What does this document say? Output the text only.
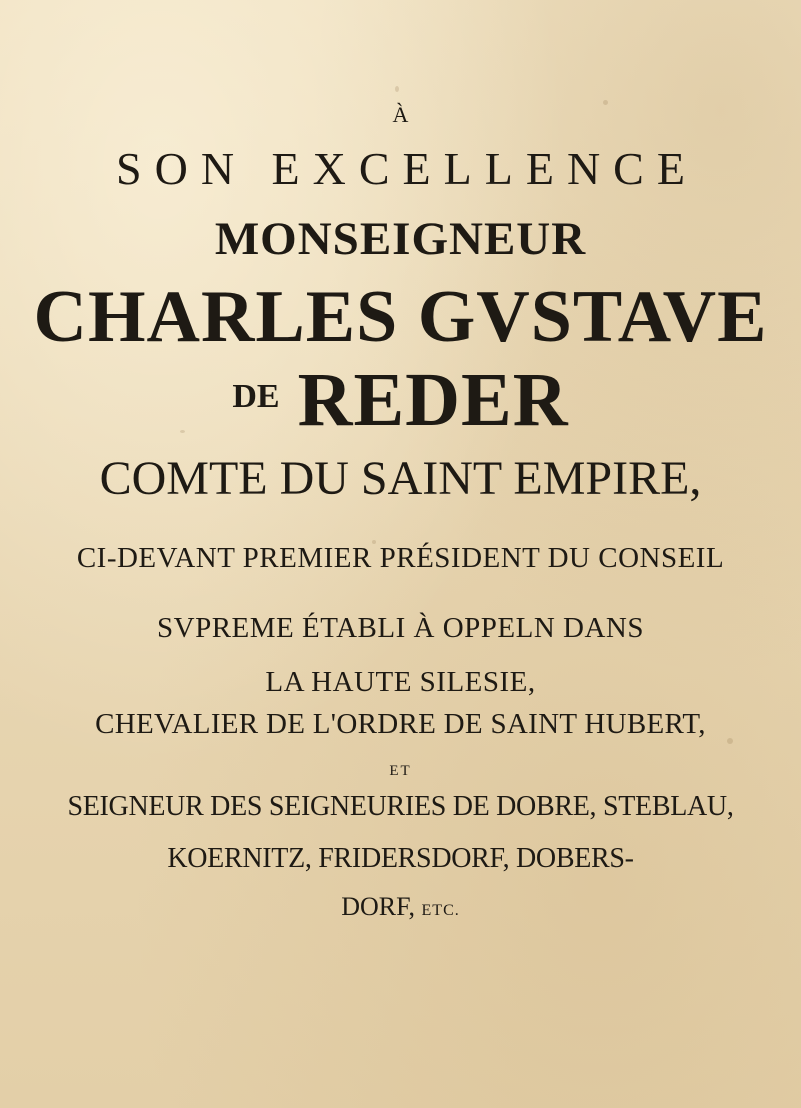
À
SON EXCELLENCE
MONSEIGNEUR
CHARLES GVSTAVE
DE REDER
COMTE DU SAINT EMPIRE,
CI-DEVANT PREMIER PRÉSIDENT DU CONSEIL
SVPREME ÉTABLI À OPPELN DANS
LA HAUTE SILESIE,
CHEVALIER DE L'ORDRE DE SAINT HUBERT,
ET
SEIGNEUR DES SEIGNEURIES DE DOBRE, STEBLAU,
KOERNITZ, FRIDERSDORF, DOBERS-
DORF, ETC.
